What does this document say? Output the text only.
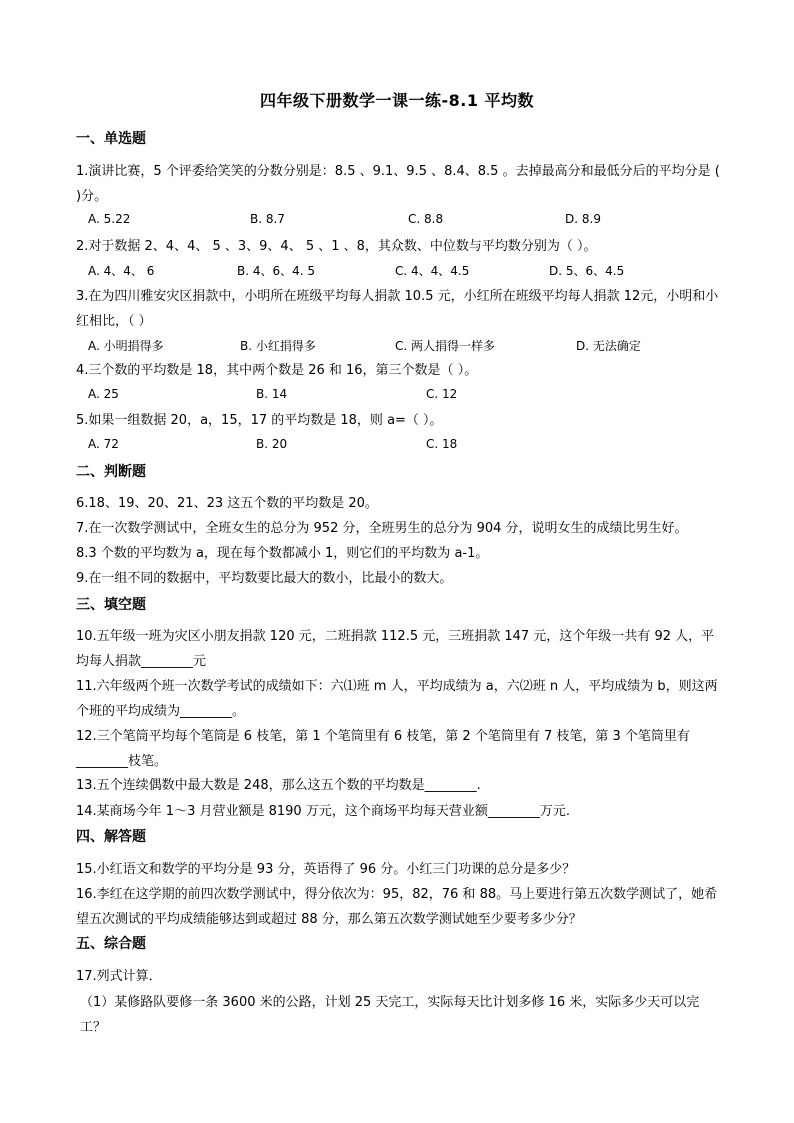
四年级下册数学一课一练-8.1 平均数
一、单选题
1.演讲比赛，5 个评委给笑笑的分数分别是：8.5 、9.1、9.5 、8.4、8.5 。去掉最高分和最低分后的平均分是 ( )分。
A. 5.22	B. 8.7	C. 8.8	D. 8.9
2.对于数据 2、4、4、 5 、3、9、4、 5 、1 、8，其众数、中位数与平均数分别为（ ）。
A. 4、4、 6	B. 4、6、4. 5	C. 4、4、4.5	D. 5、6、4.5
3.在为四川雅安灾区捐款中，小明所在班级平均每人捐款 10.5 元，小红所在班级平均每人捐款 12元，小明和小红相比，（ ）
A. 小明捐得多	B. 小红捐得多	C. 两人捐得一样多	D. 无法确定
4.三个数的平均数是 18，其中两个数是 26 和 16，第三个数是（ ）。
A. 25	B. 14	C. 12
5.如果一组数据 20，a，15，17 的平均数是 18，则 a=（ ）。
A. 72	B. 20	C. 18
二、判断题
6.18、19、20、21、23 这五个数的平均数是 20。
7.在一次数学测试中，全班女生的总分为 952 分，全班男生的总分为 904 分，说明女生的成绩比男生好。
8.3 个数的平均数为 a，现在每个数都减小 1，则它们的平均数为 a-1。
9.在一组不同的数据中，平均数要比最大的数小，比最小的数大。
三、填空题
10.五年级一班为灾区小朋友捐款 120 元，二班捐款 112.5 元，三班捐款 147 元，这个年级一共有 92 人，平均每人捐款________元
11.六年级两个班一次数学考试的成绩如下：六⑴班 m 人，平均成绩为 a，六⑵班 n 人，平均成绩为 b，则这两个班的平均成绩为________。
12.三个笔筒平均每个笔筒是 6 枝笔，第 1 个笔筒里有 6 枝笔，第 2 个笔筒里有 7 枝笔，第 3 个笔筒里有________枝笔。
13.五个连续偶数中最大数是 248，那么这五个数的平均数是________.
14.某商场今年 1～3 月营业额是 8190 万元，这个商场平均每天营业额________万元.
四、解答题
15.小红语文和数学的平均分是 93 分，英语得了 96 分。小红三门功课的总分是多少？
16.李红在这学期的前四次数学测试中，得分依次为：95，82，76 和 88。马上要进行第五次数学测试了，她希望五次测试的平均成绩能够达到或超过 88 分，那么第五次数学测试她至少要考多少分？
五、综合题
17.列式计算．
（1）某修路队要修一条 3600 米的公路，计划 25 天完工，实际每天比计划多修 16 米，实际多少天可以完工？
